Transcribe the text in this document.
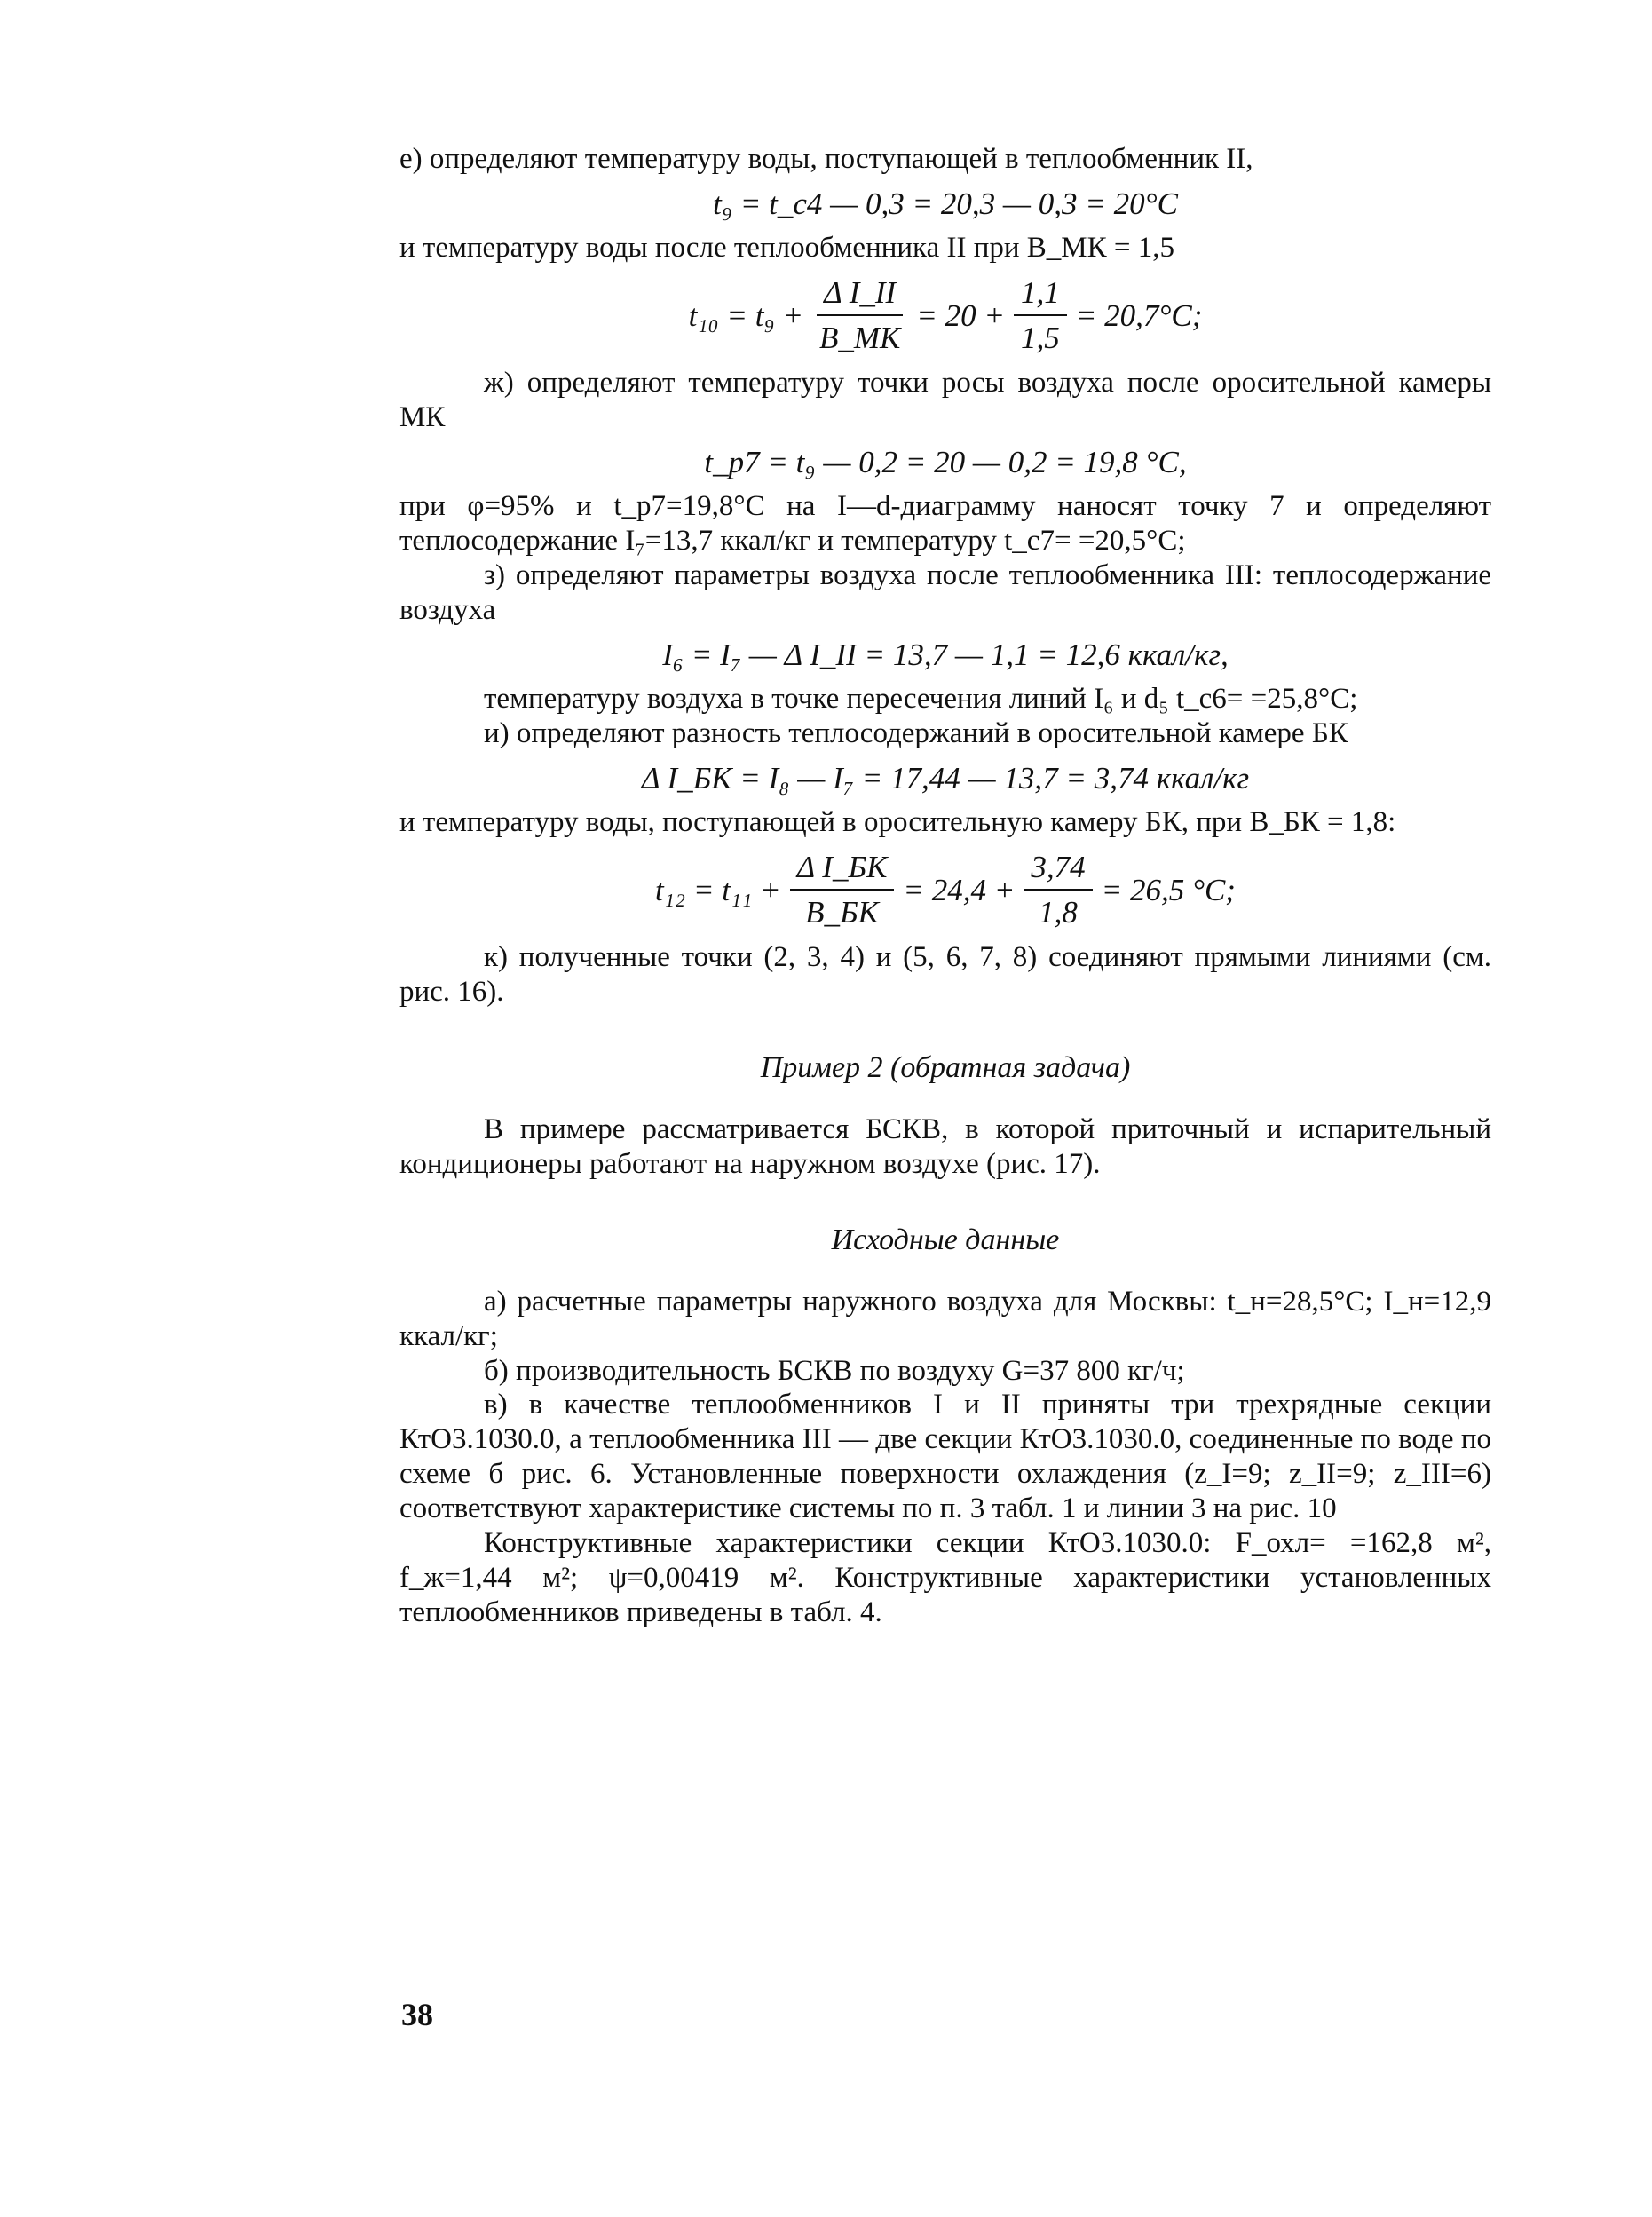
е) определяют температуру воды, поступающей в теплообменник II,

t₉ = t_с4 — 0,3 = 20,3 — 0,3 = 20°C

и температуру воды после теплообменника II при B_МК = 1,5

$t_{10} = t_9 + \frac{\text{Δ I\_II}}{B\_МК} = 20 + \frac{1,1}{1,5} = 20,7^\circ C$;

ж) определяют температуру точки росы воздуха после оросительной камеры МК

t_р7 = t₉ — 0,2 = 20 — 0,2 = 19,8 °C,

при φ=95% и t_р7=19,8°С на I—d-диаграмму наносят точку 7 и определяют теплосодержание I₇=13,7 ккал/кг и температуру t_с7= =20,5°С;

з) определяют параметры воздуха после теплообменника III: теплосодержание воздуха

I₆ = I₇ — Δ I_II = 13,7 — 1,1 = 12,6 ккал/кг,

температуру воздуха в точке пересечения линий I₆ и d₅ t_с6= =25,8°С;

и) определяют разность теплосодержаний в оросительной камере БК

Δ I_БК = I₈ — I₇ = 17,44 — 13,7 = 3,74 ккал/кг

и температуру воды, поступающей в оросительную камеру БК, при B_БК = 1,8:

$t_{12} = t_{11} + \frac{\text{Δ I\_БК}}{B\_БК} = 24,4 + \frac{3,74}{1,8} = 26,5$ °C;

к) полученные точки (2, 3, 4) и (5, 6, 7, 8) соединяют прямыми линиями (см. рис. 16).

Пример 2 (обратная задача)

В примере рассматривается БСКВ, в которой приточный и испарительный кондиционеры работают на наружном воздухе (рис. 17).

Исходные данные

а) расчетные параметры наружного воздуха для Москвы: t_н=28,5°С; I_н=12,9 ккал/кг;

б) производительность БСКВ по воздуху G=37 800 кг/ч;

в) в качестве теплообменников I и II приняты три трехрядные секции КтО3.1030.0, а теплообменника III — две секции КтО3.1030.0, соединенные по воде по схеме б рис. 6. Установленные поверхности охлаждения (z_I=9; z_II=9; z_III=6) соответствуют характеристике системы по п. 3 табл. 1 и линии 3 на рис. 10

Конструктивные характеристики секции КтО3.1030.0: F_охл= =162,8 м², f_ж=1,44 м²; ψ=0,00419 м². Конструктивные характеристики установленных теплообменников приведены в табл. 4.

38
